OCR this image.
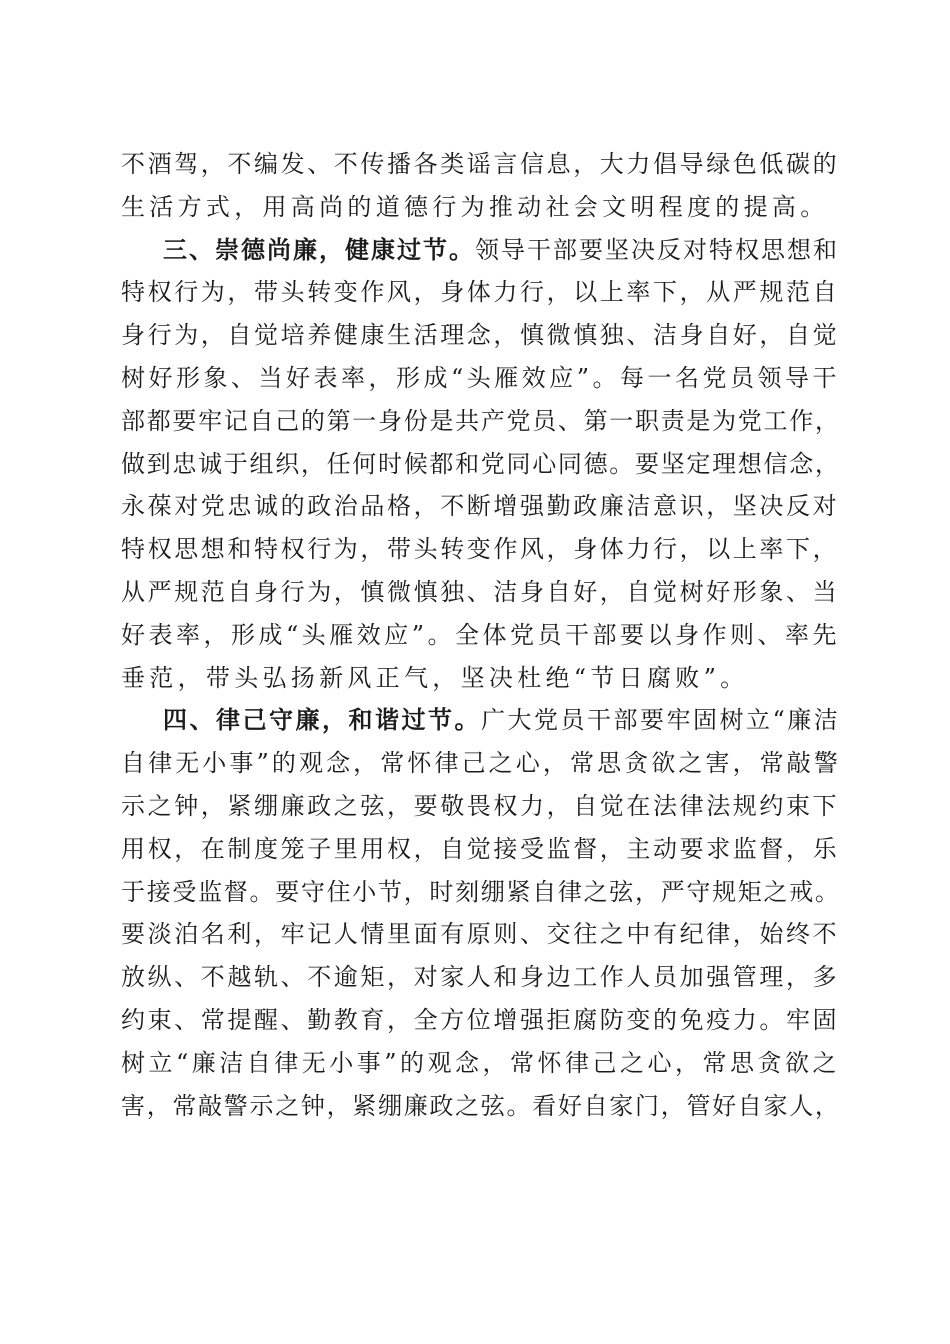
不酒驾，不编发、不传播各类谣言信息，大力倡导绿色低碳的
生活方式，用高尚的道德行为推动社会文明程度的提高。
三、崇德尚廉，健康过节。领导干部要坚决反对特权思想和
特权行为，带头转变作风，身体力行，以上率下，从严规范自
身行为，自觉培养健康生活理念，慎微慎独、洁身自好，自觉
树好形象、当好表率，形成“头雁效应”。每一名党员领导干
部都要牢记自己的第一身份是共产党员、第一职责是为党工作，
做到忠诚于组织，任何时候都和党同心同德。要坚定理想信念，
永葆对党忠诚的政治品格，不断增强勤政廉洁意识，坚决反对
特权思想和特权行为，带头转变作风，身体力行，以上率下，
从严规范自身行为，慎微慎独、洁身自好，自觉树好形象、当
好表率，形成“头雁效应”。全体党员干部要以身作则、率先
垂范，带头弘扬新风正气，坚决杜绝“节日腐败”。
四、律己守廉，和谐过节。广大党员干部要牢固树立“廉洁
自律无小事”的观念，常怀律己之心，常思贪欲之害，常敲警
示之钟，紧绷廉政之弦，要敬畏权力，自觉在法律法规约束下
用权，在制度笼子里用权，自觉接受监督，主动要求监督，乐
于接受监督。要守住小节，时刻绷紧自律之弦，严守规矩之戒。
要淡泊名利，牢记人情里面有原则、交往之中有纪律，始终不
放纵、不越轨、不逾矩，对家人和身边工作人员加强管理，多
约束、常提醒、勤教育，全方位增强拒腐防变的免疫力。牢固
树立“廉洁自律无小事”的观念，常怀律己之心，常思贪欲之
害，常敲警示之钟，紧绷廉政之弦。看好自家门，管好自家人，
